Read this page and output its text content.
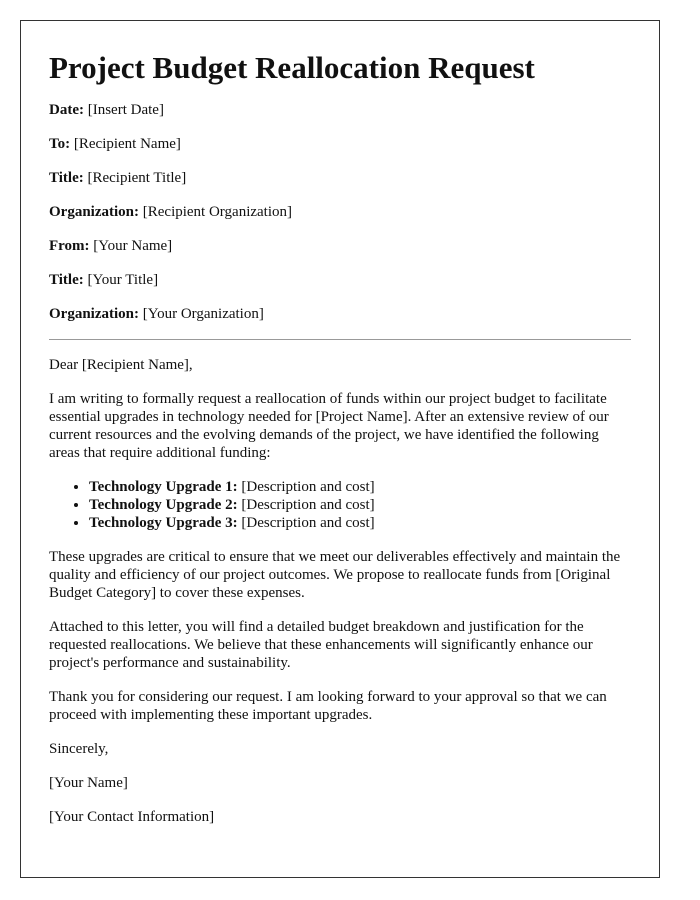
Project Budget Reallocation Request
Date: [Insert Date]
To: [Recipient Name]
Title: [Recipient Title]
Organization: [Recipient Organization]
From: [Your Name]
Title: [Your Title]
Organization: [Your Organization]

Dear [Recipient Name],

I am writing to formally request a reallocation of funds within our project budget to facilitate essential upgrades in technology needed for [Project Name]. After an extensive review of our current resources and the evolving demands of the project, we have identified the following areas that require additional funding:

• Technology Upgrade 1: [Description and cost]
• Technology Upgrade 2: [Description and cost]
• Technology Upgrade 3: [Description and cost]

These upgrades are critical to ensure that we meet our deliverables effectively and maintain the quality and efficiency of our project outcomes. We propose to reallocate funds from [Original Budget Category] to cover these expenses.

Attached to this letter, you will find a detailed budget breakdown and justification for the requested reallocations. We believe that these enhancements will significantly enhance our project's performance and sustainability.

Thank you for considering our request. I am looking forward to your approval so that we can proceed with implementing these important upgrades.

Sincerely,

[Your Name]

[Your Contact Information]
